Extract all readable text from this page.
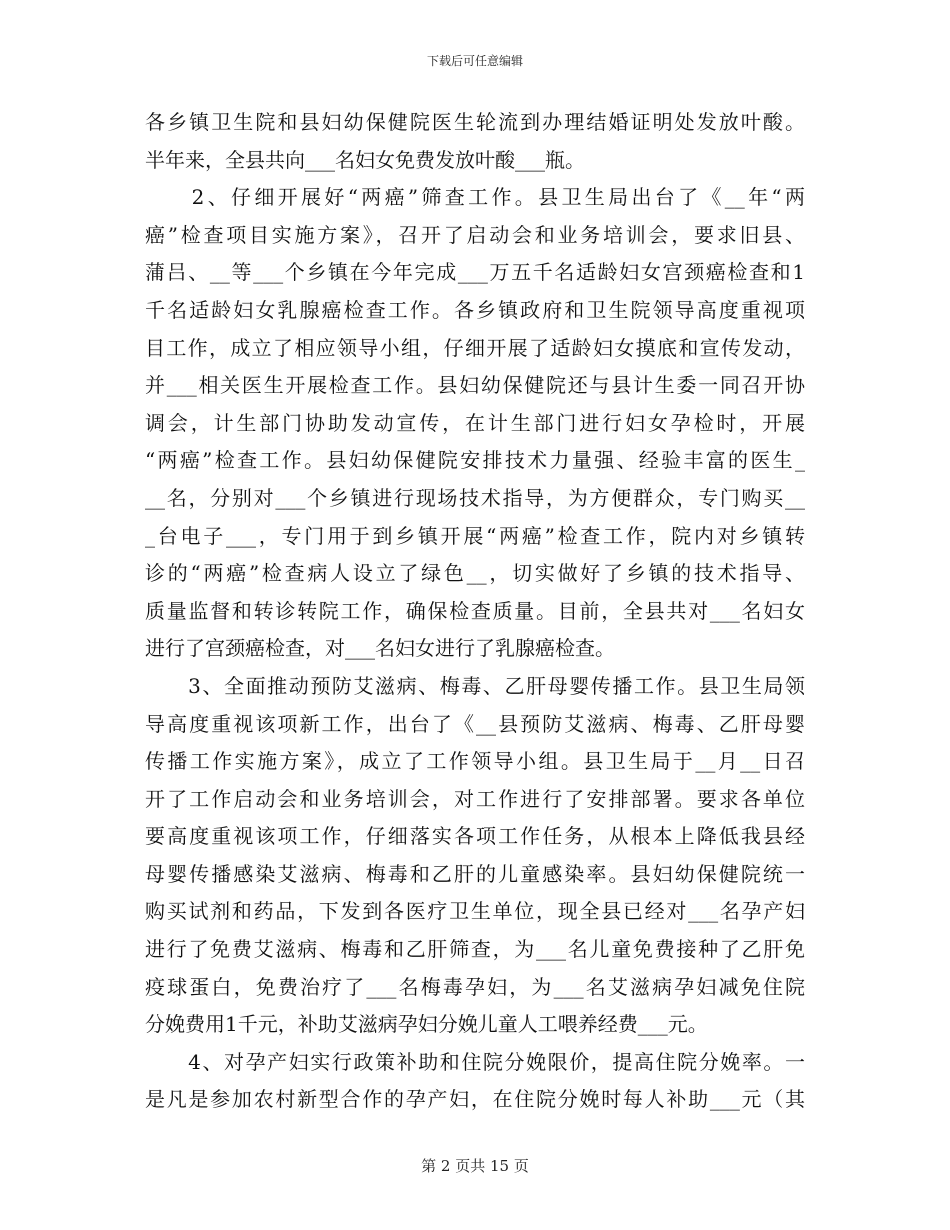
下载后可任意编辑
各乡镇卫生院和县妇幼保健院医生轮流到办理结婚证明处发放叶酸。
半年来，全县共向___名妇女免费发放叶酸___瓶。
　　2、仔细开展好“两癌”筛查工作。县卫生局出台了《__年“两
癌”检查项目实施方案》，召开了启动会和业务培训会，要求旧县、
蒲吕、__等___个乡镇在今年完成___万五千名适龄妇女宫颈癌检查和1
千名适龄妇女乳腺癌检查工作。各乡镇政府和卫生院领导高度重视项
目工作，成立了相应领导小组，仔细开展了适龄妇女摸底和宣传发动，
并___相关医生开展检查工作。县妇幼保健院还与县计生委一同召开协
调会，计生部门协助发动宣传，在计生部门进行妇女孕检时，开展
“两癌”检查工作。县妇幼保健院安排技术力量强、经验丰富的医生_
__名，分别对___个乡镇进行现场技术指导，为方便群众，专门购买__
_台电子___，专门用于到乡镇开展“两癌”检查工作，院内对乡镇转
诊的“两癌”检查病人设立了绿色__，切实做好了乡镇的技术指导、
质量监督和转诊转院工作，确保检查质量。目前，全县共对___名妇女
进行了宫颈癌检查，对___名妇女进行了乳腺癌检查。
　　3、全面推动预防艾滋病、梅毒、乙肝母婴传播工作。县卫生局领
导高度重视该项新工作，出台了《__县预防艾滋病、梅毒、乙肝母婴
传播工作实施方案》，成立了工作领导小组。县卫生局于__月__日召
开了工作启动会和业务培训会，对工作进行了安排部署。要求各单位
要高度重视该项工作，仔细落实各项工作任务，从根本上降低我县经
母婴传播感染艾滋病、梅毒和乙肝的儿童感染率。县妇幼保健院统一
购买试剂和药品，下发到各医疗卫生单位，现全县已经对___名孕产妇
进行了免费艾滋病、梅毒和乙肝筛查，为___名儿童免费接种了乙肝免
疫球蛋白，免费治疗了___名梅毒孕妇，为___名艾滋病孕妇减免住院
分娩费用1千元，补助艾滋病孕妇分娩儿童人工喂养经费___元。
　　4、对孕产妇实行政策补助和住院分娩限价，提高住院分娩率。一
是凡是参加农村新型合作的孕产妇，在住院分娩时每人补助___元（其
第 2 页共 15 页
